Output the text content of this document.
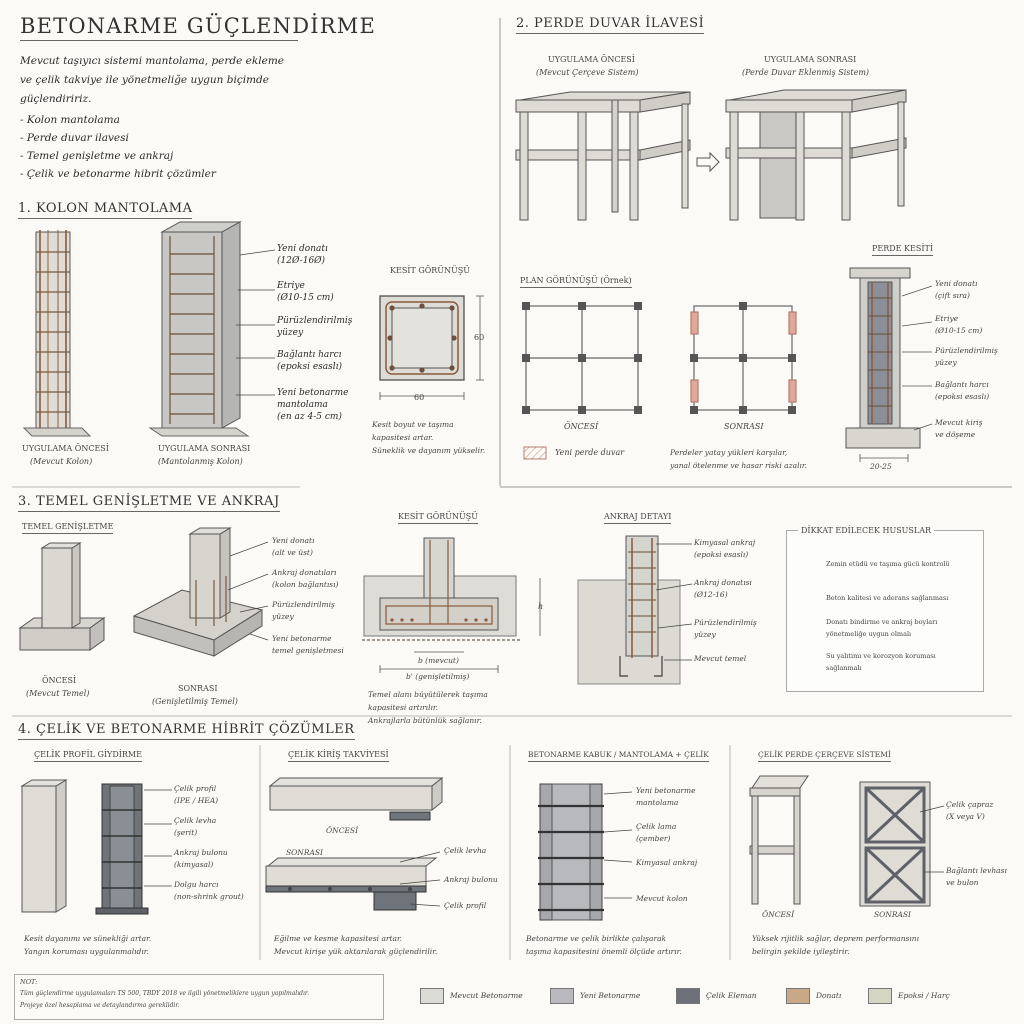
BETONARME GÜÇLENDİRME
Mevcut taşıyıcı sistemi mantolama, perde ekleme
ve çelik takviye ile yönetmeliğe uygun biçimde
güçlendiririz.
- Kolon mantolama
- Perde duvar ilavesi
- Temel genişletme ve ankraj
- Çelik ve betonarme hibrit çözümler
1. KOLON MANTOLAMA
Yeni donatı
(12Ø-16Ø)
Etriye
(Ø10-15 cm)
Pürüzlendirilmiş
yüzey
Bağlantı harcı
(epoksi esaslı)
Yeni betonarme
mantolama
(en az 4-5 cm)
UYGULAMA ÖNCESİ
(Mevcut Kolon)
UYGULAMA SONRASI
(Mantolanmış Kolon)
KESİT GÖRÜNÜŞÜ
60
60
Kesit boyut ve taşıma
kapasitesi artar.
Süneklik ve dayanım yükselir.
2. PERDE DUVAR İLAVESİ
UYGULAMA ÖNCESİ
(Mevcut Çerçeve Sistem)
UYGULAMA SONRASI
(Perde Duvar Eklenmiş Sistem)
PLAN GÖRÜNÜŞÜ (Örnek)
ÖNCESİ	SONRASI
Yeni perde duvar	Perdeler yatay yükleri karşılar,
yanal ötelenme ve hasar riski azalır.
PERDE KESİTİ
Yeni donatı
(çift sıra)
Etriye
(Ø10-15 cm)
Pürüzlendirilmiş
yüzey
Bağlantı harcı
(epoksi esaslı)
Mevcut kiriş
ve döşeme
20-25
3. TEMEL GENİŞLETME VE ANKRAJ
TEMEL GENİŞLETME
Yeni donatı
(alt ve üst)
Ankraj donatıları
(kolon bağlantısı)
Pürüzlendirilmiş
yüzey
Yeni betonarme
temel genişletmesi
ÖNCESİ
(Mevcut Temel)
SONRASI
(Genişletilmiş Temel)
KESİT GÖRÜNÜŞÜ
b (mevcut)
b' (genişletilmiş)
h
Temel alanı büyütülerek taşıma
kapasitesi artırılır.
Ankrajlarla bütünlük sağlanır.
ANKRAJ DETAYI
Kimyasal ankraj
(epoksi esaslı)
Ankraj donatısı
(Ø12-16)
Pürüzlendirilmiş
yüzey
Mevcut temel
DİKKAT EDİLECEK HUSUSLAR
Zemin etüdü ve taşıma gücü kontrolü
Beton kalitesi ve aderans sağlanması
Donatı bindirme ve ankraj boyları
yönetmeliğe uygun olmalı
Su yalıtımı ve korozyon koruması
sağlanmalı
4. ÇELİK VE BETONARME HİBRİT ÇÖZÜMLER
ÇELİK PROFİL GİYDİRME
Çelik profil
(IPE / HEA)
Çelik levha
(şerit)
Ankraj bulonu
(kimyasal)
Dolgu harcı
(non-shrink grout)
Kesit dayanımı ve sünekliği artar.
Yangın koruması uygulanmalıdır.
ÇELİK KİRİŞ TAKVİYESİ
ÖNCESİ
SONRASI	Çelik levha
Ankraj bulonu
Çelik profil
Eğilme ve kesme kapasitesi artar.
Mevcut kirişe yük aktarılarak güçlendirilir.
BETONARME KABUK / MANTOLAMA + ÇELİK
Yeni betonarme
mantolama
Çelik lama
(çember)
Kimyasal ankraj
Mevcut kolon
Betonarme ve çelik birlikte çalışarak
taşıma kapasitesini önemli ölçüde artırır.
ÇELİK PERDE ÇERÇEVE SİSTEMİ
Çelik çapraz
(X veya V)
Bağlantı levhası
ve bulon
ÖNCESİ	SONRASI
Yüksek rijitlik sağlar, deprem performansını
belirgin şekilde iyileştirir.
NOT:
Tüm güçlendirme uygulamaları TS 500, TBDY 2018 ve ilgili yönetmeliklere uygun yapılmalıdır.
Projeye özel hesaplama ve detaylandırma gereklidir.
Mevcut Betonarme	Yeni Betonarme	Çelik Eleman	Donatı	Epoksi / Harç
